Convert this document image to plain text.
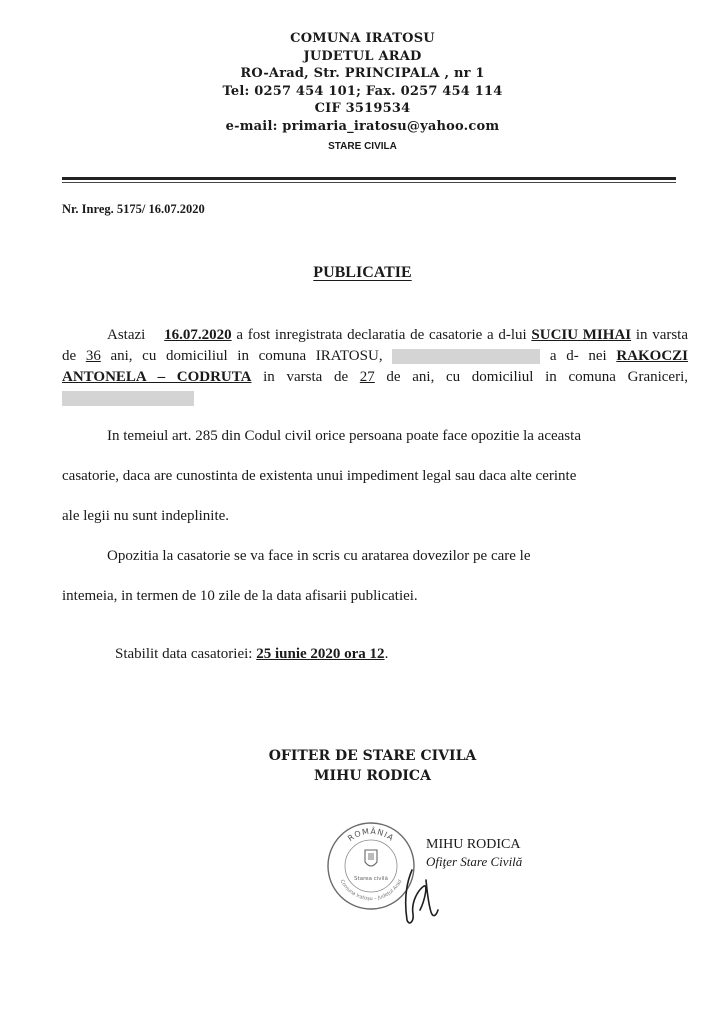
COMUNA IRATOSU
JUDETUL ARAD
RO-Arad, Str. PRINCIPALA , nr 1
Tel: 0257 454 101; Fax. 0257 454 114
CIF 3519534
e-mail: primaria_iratosu@yahoo.com
STARE CIVILA
Nr. Inreg. 5175/ 16.07.2020
PUBLICATIE
Astazi 16.07.2020 a fost inregistrata declaratia de casatorie a d-lui SUCIU MIHAI in varsta de 36 ani, cu domiciliul in comuna IRATOSU,	a d- nei RAKOCZI ANTONELA – CODRUTA in varsta de 27 de ani, cu domiciliul in comuna Graniceri,
In temeiul art. 285 din Codul civil orice persoana poate face opozitie la aceasta
casatorie, daca are cunostinta de existenta unui impediment legal sau daca alte cerinte
ale legii nu sunt indeplinite.
Opozitia la casatorie se va face in scris cu aratarea dovezilor pe care le
intemeia, in termen de 10 zile de la data afisarii publicatiei.
Stabilit data casatoriei: 25 iunie 2020 ora 12.
OFITER DE STARE CIVILA
MIHU RODICA
ROMÂNIA
Comuna Iratoşu – Judeţul Arad
Starea civilă
MIHU RODICA
Ofiţer Stare Civilă
